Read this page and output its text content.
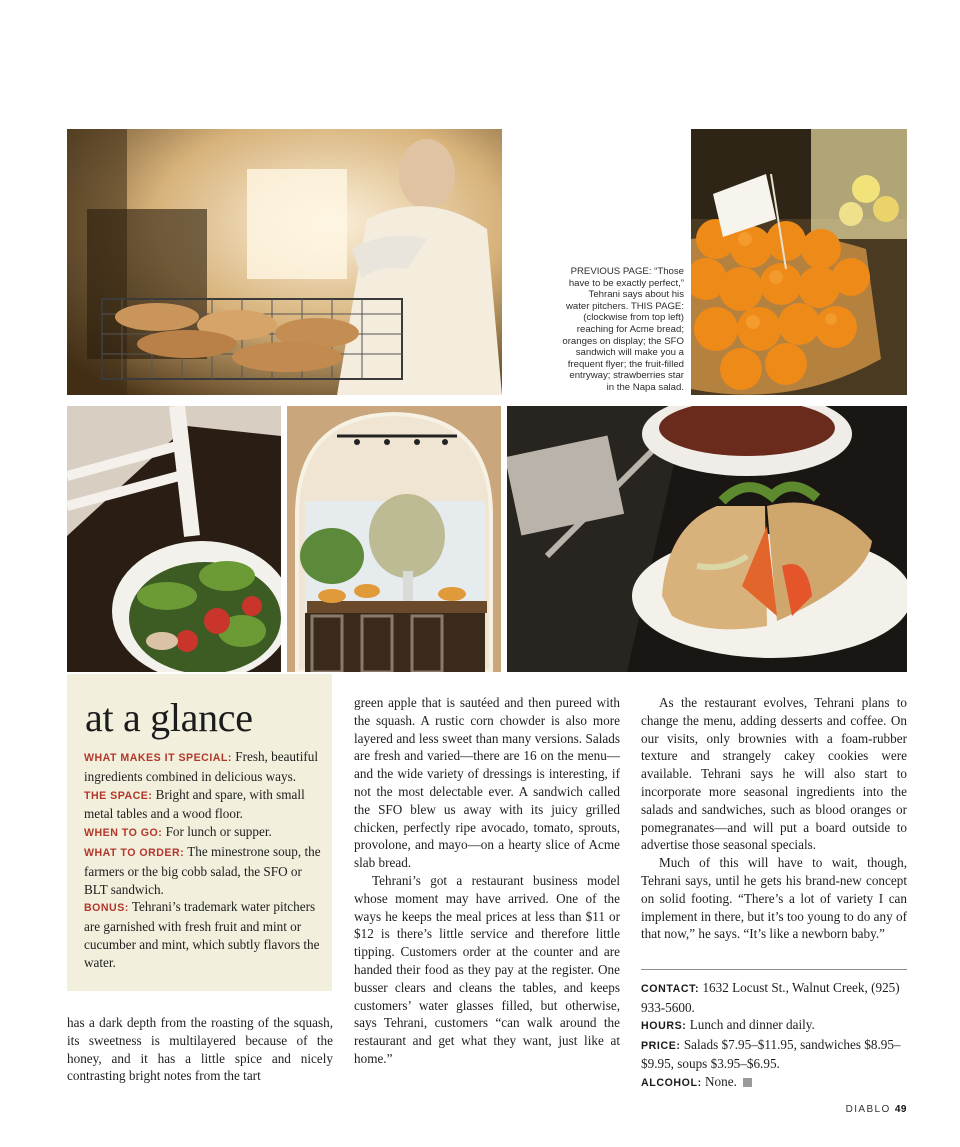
PREVIOUS PAGE: “Those

have to be exactly perfect,”

Tehrani says about his

water pitchers. THIS PAGE:

(clockwise from top left)

reaching for Acme bread;

oranges on display; the SFO

sandwich will make you a

frequent flyer; the fruit-filled

entryway; strawberries star

in the Napa salad.

at a glance

WHAT MAKES IT SPECIAL: Fresh, beautiful ingredients combined in delicious ways.

THE SPACE: Bright and spare, with small metal tables and a wood floor.

WHEN TO GO: For lunch or supper.

WHAT TO ORDER: The minestrone soup, the farmers or the big cobb salad, the SFO or BLT sandwich.

BONUS: Tehrani’s trademark water pitchers are garnished with fresh fruit and mint or cucumber and mint, which subtly flavors the water.

has a dark depth from the roasting of the squash, its sweetness is multilayered because of the honey, and it has a little spice and nicely contrasting bright notes from the tart

green apple that is sautéed and then pureed with the squash. A rustic corn chowder is also more layered and less sweet than many versions. Salads are fresh and varied—there are 16 on the menu—and the wide variety of dressings is interesting, if not the most delectable ever. A sandwich called the SFO blew us away with its juicy grilled chicken, perfectly ripe avocado, tomato, sprouts, provolone, and mayo—on a hearty slice of Acme slab bread.

Tehrani’s got a restaurant business model whose moment may have arrived. One of the ways he keeps the meal prices at less than $11 or $12 is there’s little service and therefore little tipping. Customers order at the counter and are handed their food as they pay at the register. One busser clears and cleans the tables, and keeps customers’ water glasses filled, but otherwise, says Tehrani, customers “can walk around the restaurant and get what they want, just like at home.”

As the restaurant evolves, Tehrani plans to change the menu, adding desserts and coffee. On our visits, only brownies with a foam-rubber texture and strangely cakey cookies were available. Tehrani says he will also start to incorporate more seasonal ingredients into the salads and sandwiches, such as blood oranges or pomegranates—and will put a board outside to advertise those seasonal specials.

Much of this will have to wait, though, Tehrani says, until he gets his brand-new concept on solid footing. “There’s a lot of variety I can implement in there, but it’s too young to do any of that now,” he says. “It’s like a newborn baby.”

CONTACT: 1632 Locust St., Walnut Creek, (925) 933-5600.

HOURS: Lunch and dinner daily.

PRICE: Salads $7.95–$11.95, sandwiches $8.95–$9.95, soups $3.95–$6.95.

ALCOHOL: None.

DIABLO 49
